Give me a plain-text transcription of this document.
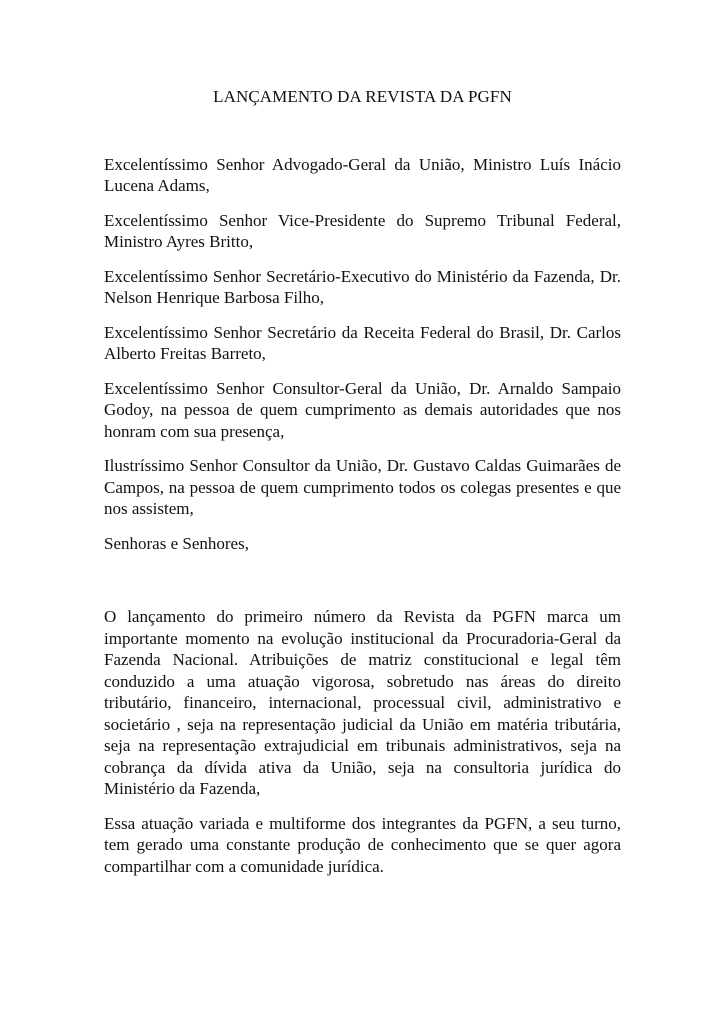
LANÇAMENTO DA REVISTA DA PGFN

Excelentíssimo Senhor Advogado-Geral da União, Ministro Luís Inácio Lucena Adams,

Excelentíssimo Senhor Vice-Presidente do Supremo Tribunal Federal, Ministro Ayres Britto,

Excelentíssimo Senhor Secretário-Executivo do Ministério da Fazenda, Dr. Nelson Henrique Barbosa Filho,

Excelentíssimo Senhor Secretário da Receita Federal do Brasil, Dr. Carlos Alberto Freitas Barreto,

Excelentíssimo Senhor Consultor-Geral da União, Dr. Arnaldo Sampaio Godoy, na pessoa de quem cumprimento as demais autoridades que nos honram com sua presença,

Ilustríssimo Senhor Consultor da União, Dr. Gustavo Caldas Guimarães de Campos, na pessoa de quem cumprimento todos os colegas presentes e que nos assistem,

Senhoras e Senhores,

O lançamento do primeiro número da Revista da PGFN marca um importante momento na evolução institucional da Procuradoria-Geral da Fazenda Nacional. Atribuições de matriz constitucional e legal têm conduzido a uma atuação vigorosa, sobretudo nas áreas do direito tributário, financeiro, internacional, processual civil, administrativo e societário , seja na representação judicial da União em matéria tributária, seja na representação extrajudicial em tribunais administrativos, seja na cobrança da dívida ativa da União, seja na consultoria jurídica do Ministério da Fazenda,

Essa atuação variada e multiforme dos integrantes da PGFN, a seu turno, tem gerado uma constante produção de conhecimento que se quer agora compartilhar com a comunidade jurídica.
